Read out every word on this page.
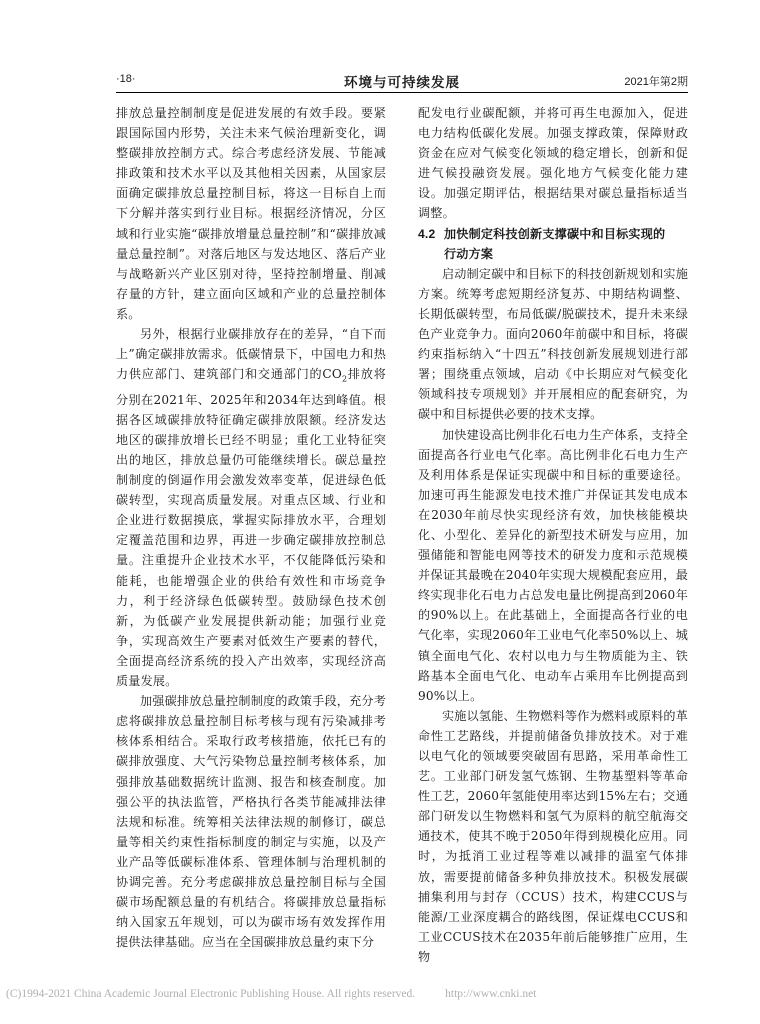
·18·	环境与可持续发展	2021年第2期

排放总量控制制度是促进发展的有效手段。要紧跟国际国内形势，关注未来气候治理新变化，调整碳排放控制方式。综合考虑经济发展、节能减排政策和技术水平以及其他相关因素，从国家层面确定碳排放总量控制目标，将这一目标自上而下分解并落实到行业目标。根据经济情况，分区域和行业实施“碳排放增量总量控制”和“碳排放减量总量控制”。对落后地区与发达地区、落后产业与战略新兴产业区别对待，坚持控制增量、削减存量的方针，建立面向区域和产业的总量控制体系。

另外，根据行业碳排放存在的差异，“自下而上”确定碳排放需求。低碳情景下，中国电力和热力供应部门、建筑部门和交通部门的$CO_2$排放将分别在2021年、2025年和2034年达到峰值。根据各区域碳排放特征确定碳排放限额。经济发达地区的碳排放增长已经不明显；重化工业特征突出的地区，排放总量仍可能继续增长。碳总量控制制度的倒逼作用会激发效率变革，促进绿色低碳转型，实现高质量发展。对重点区域、行业和企业进行数据摸底，掌握实际排放水平，合理划定覆盖范围和边界，再进一步确定碳排放控制总量。注重提升企业技术水平，不仅能降低污染和能耗，也能增强企业的供给有效性和市场竞争力，利于经济绿色低碳转型。鼓励绿色技术创新，为低碳产业发展提供新动能；加强行业竞争，实现高效生产要素对低效生产要素的替代，全面提高经济系统的投入产出效率，实现经济高质量发展。

加强碳排放总量控制制度的政策手段，充分考虑将碳排放总量控制目标考核与现有污染减排考核体系相结合。采取行政考核措施，依托已有的碳排放强度、大气污染物总量控制考核体系，加强排放基础数据统计监测、报告和核查制度。加强公平的执法监管，严格执行各类节能减排法律法规和标准。统筹相关法律法规的制修订，碳总量等相关约束性指标制度的制定与实施，以及产业产品等低碳标准体系、管理体制与治理机制的协调完善。充分考虑碳排放总量控制目标与全国碳市场配额总量的有机结合。将碳排放总量指标纳入国家五年规划，可以为碳市场有效发挥作用提供法律基础。应当在全国碳排放总量约束下分

配发电行业碳配额，并将可再生电源加入，促进电力结构低碳化发展。加强支撑政策，保障财政资金在应对气候变化领域的稳定增长，创新和促进气候投融资发展。强化地方气候变化能力建设。加强定期评估，根据结果对碳总量指标适当调整。

4.2 加快制定科技创新支撑碳中和目标实现的
行动方案

启动制定碳中和目标下的科技创新规划和实施方案。统筹考虑短期经济复苏、中期结构调整、长期低碳转型，布局低碳/脱碳技术，提升未来绿色产业竞争力。面向2060年前碳中和目标，将碳约束指标纳入“十四五”科技创新发展规划进行部署；围绕重点领域，启动《中长期应对气候变化领域科技专项规划》并开展相应的配套研究，为碳中和目标提供必要的技术支撑。

加快建设高比例非化石电力生产体系，支持全面提高各行业电气化率。高比例非化石电力生产及利用体系是保证实现碳中和目标的重要途径。加速可再生能源发电技术推广并保证其发电成本在2030年前尽快实现经济有效，加快核能模块化、小型化、差异化的新型技术研发与应用，加强储能和智能电网等技术的研发力度和示范规模并保证其最晚在2040年实现大规模配套应用，最终实现非化石电力占总发电量比例提高到2060年的90%以上。在此基础上，全面提高各行业的电气化率，实现2060年工业电气化率50%以上、城镇全面电气化、农村以电力与生物质能为主、铁路基本全面电气化、电动车占乘用车比例提高到90%以上。

实施以氢能、生物燃料等作为燃料或原料的革命性工艺路线，并提前储备负排放技术。对于难以电气化的领域要突破固有思路，采用革命性工艺。工业部门研发氢气炼钢、生物基塑料等革命性工艺，2060年氢能使用率达到15%左右；交通部门研发以生物燃料和氢气为原料的航空航海交通技术，使其不晚于2050年得到规模化应用。同时，为抵消工业过程等难以减排的温室气体排放，需要提前储备多种负排放技术。积极发展碳捕集利用与封存（CCUS）技术，构建CCUS与能源/工业深度耦合的路线图，保证煤电CCUS和工业CCUS技术在2035年前后能够推广应用，生物

(C)1994-2021 China Academic Journal Electronic Publishing House. All rights reserved.	http://www.cnki.net
